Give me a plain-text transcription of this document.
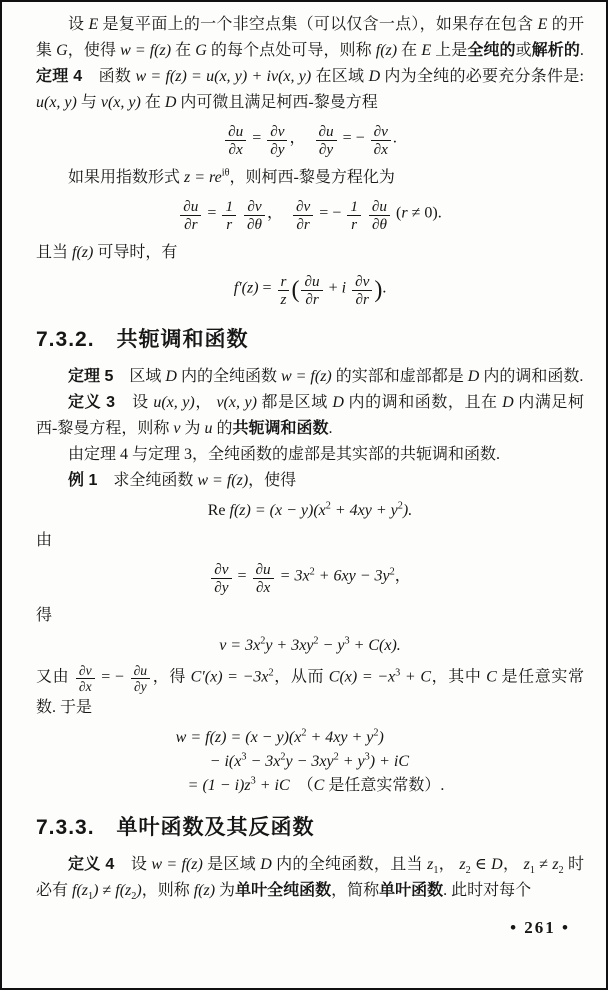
设 E 是复平面上的一个非空点集（可以仅含一点），如果存在包含 E 的开集 G，使得 w = f(z) 在 G 的每个点处可导，则称 f(z) 在 E 上是全纯的或解析的. 定理 4　函数 w = f(z) = u(x, y) + iv(x, y) 在区域 D 内为全纯的必要充分条件是: u(x, y) 与 v(x, y) 在 D 内可微且满足柯西-黎曼方程

$\frac{\partial u}{\partial x} = \frac{\partial v}{\partial y}$ ，　 $\frac{\partial u}{\partial y}$ = − $\frac{\partial v}{\partial x}$ .

如果用指数形式 $z = re^{i\theta}$，则柯西-黎曼方程化为

$\frac{\partial u}{\partial r} = \frac{1}{r}$
$\frac{\partial v}{\partial\theta}$ ，　 $\frac{\partial v}{\partial r}$ = − $\frac{1}{r}$
$\frac{\partial u}{\partial\theta} (r \ne 0)$.

且当 f(z) 可导时，有

$f'(z) = \frac{r}{z}$ ( $\frac{\partial u}{\partial r} + i \frac{\partial v}{\partial r}$ ).
7.3.2.　共轭调和函数

定理 5　区域 D 内的全纯函数 w = f(z) 的实部和虚部都是 D 内的调和函数.

定义 3　设 u(x, y)， v(x, y) 都是区域 D 内的调和函数，且在 D 内满足柯西-黎曼方程，则称 v 为 u 的共轭调和函数.

由定理 4 与定理 3，全纯函数的虚部是其实部的共轭调和函数.

例 1　求全纯函数 w = f(z)，使得

Re $f(z) = (x - y)(x^2 + 4xy + y^2)$.

由

$\frac{\partial v}{\partial y} = \frac{\partial u}{\partial x} = 3x^2 + 6xy - 3y^2$，

得

$v = 3x^2y + 3xy^2 - y^3 + C(x)$.

又由 $\frac{\partial v}{\partial x}$ = − $\frac{\partial u}{\partial y}$ ，得 $C'(x) = -3x^2$，从而 $C(x) = -x^3 + C$，其中 C 是任意实常数. 于是

$w = f(z) = (x - y)(x^2 + 4xy + y^2)$
− $i(x^3 - 3x^2y - 3xy^2 + y^3)$ + iC
= $(1 - i)z^3$ + iC　（C 是任意实常数）.
7.3.3.　单叶函数及其反函数

定义 4　设 w = f(z) 是区域 D 内的全纯函数，且当 $z_1$， $z_2$ ∈ D， $z_1 \ne z_2$ 时必有 $f(z_1) \ne f(z_2)$，则称 f(z) 为单叶全纯函数，简称单叶函数. 此时对每个

• 261 •
